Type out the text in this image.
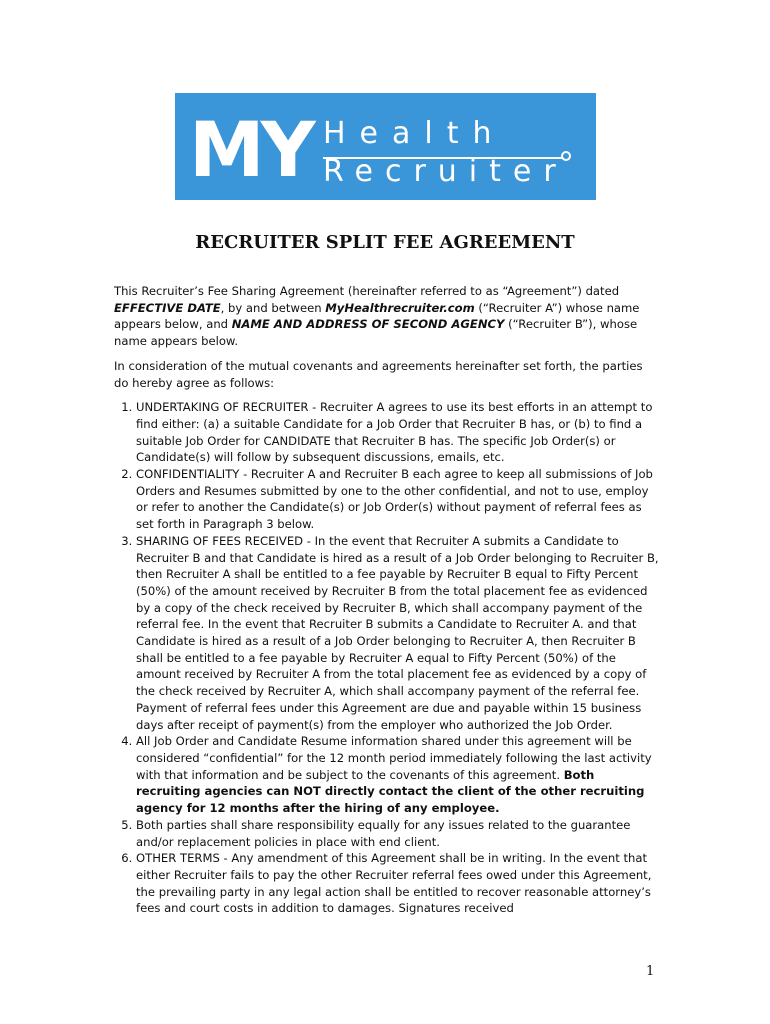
MY Health
Recruiter
RECRUITER SPLIT FEE AGREEMENT

This Recruiter’s Fee Sharing Agreement (hereinafter referred to as “Agreement”) dated EFFECTIVE DATE, by and between MyHealthrecruiter.com (“Recruiter A”) whose name appears below, and NAME AND ADDRESS OF SECOND AGENCY (“Recruiter B”), whose name appears below.

In consideration of the mutual covenants and agreements hereinafter set forth, the parties do hereby agree as follows:

1. UNDERTAKING OF RECRUITER - Recruiter A agrees to use its best efforts in an attempt to find either: (a) a suitable Candidate for a Job Order that Recruiter B has, or (b) to find a suitable Job Order for CANDIDATE that Recruiter B has. The specific Job Order(s) or Candidate(s) will follow by subsequent discussions, emails, etc.
2. CONFIDENTIALITY - Recruiter A and Recruiter B each agree to keep all submissions of Job Orders and Resumes submitted by one to the other confidential, and not to use, employ or refer to another the Candidate(s) or Job Order(s) without payment of referral fees as set forth in Paragraph 3 below.
3. SHARING OF FEES RECEIVED - In the event that Recruiter A submits a Candidate to Recruiter B and that Candidate is hired as a result of a Job Order belonging to Recruiter B, then Recruiter A shall be entitled to a fee payable by Recruiter B equal to Fifty Percent (50%) of the amount received by Recruiter B from the total placement fee as evidenced by a copy of the check received by Recruiter B, which shall accompany payment of the referral fee. In the event that Recruiter B submits a Candidate to Recruiter A. and that Candidate is hired as a result of a Job Order belonging to Recruiter A, then Recruiter B shall be entitled to a fee payable by Recruiter A equal to Fifty Percent (50%) of the amount received by Recruiter A from the total placement fee as evidenced by a copy of the check received by Recruiter A, which shall accompany payment of the referral fee. Payment of referral fees under this Agreement are due and payable within 15 business days after receipt of payment(s) from the employer who authorized the Job Order.
4. All Job Order and Candidate Resume information shared under this agreement will be considered “confidential” for the 12 month period immediately following the last activity with that information and be subject to the covenants of this agreement. Both recruiting agencies can NOT directly contact the client of the other recruiting agency for 12 months after the hiring of any employee.
5. Both parties shall share responsibility equally for any issues related to the guarantee and/or replacement policies in place with end client.
6. OTHER TERMS - Any amendment of this Agreement shall be in writing. In the event that either Recruiter fails to pay the other Recruiter referral fees owed under this Agreement, the prevailing party in any legal action shall be entitled to recover reasonable attorney’s fees and court costs in addition to damages. Signatures received
1
